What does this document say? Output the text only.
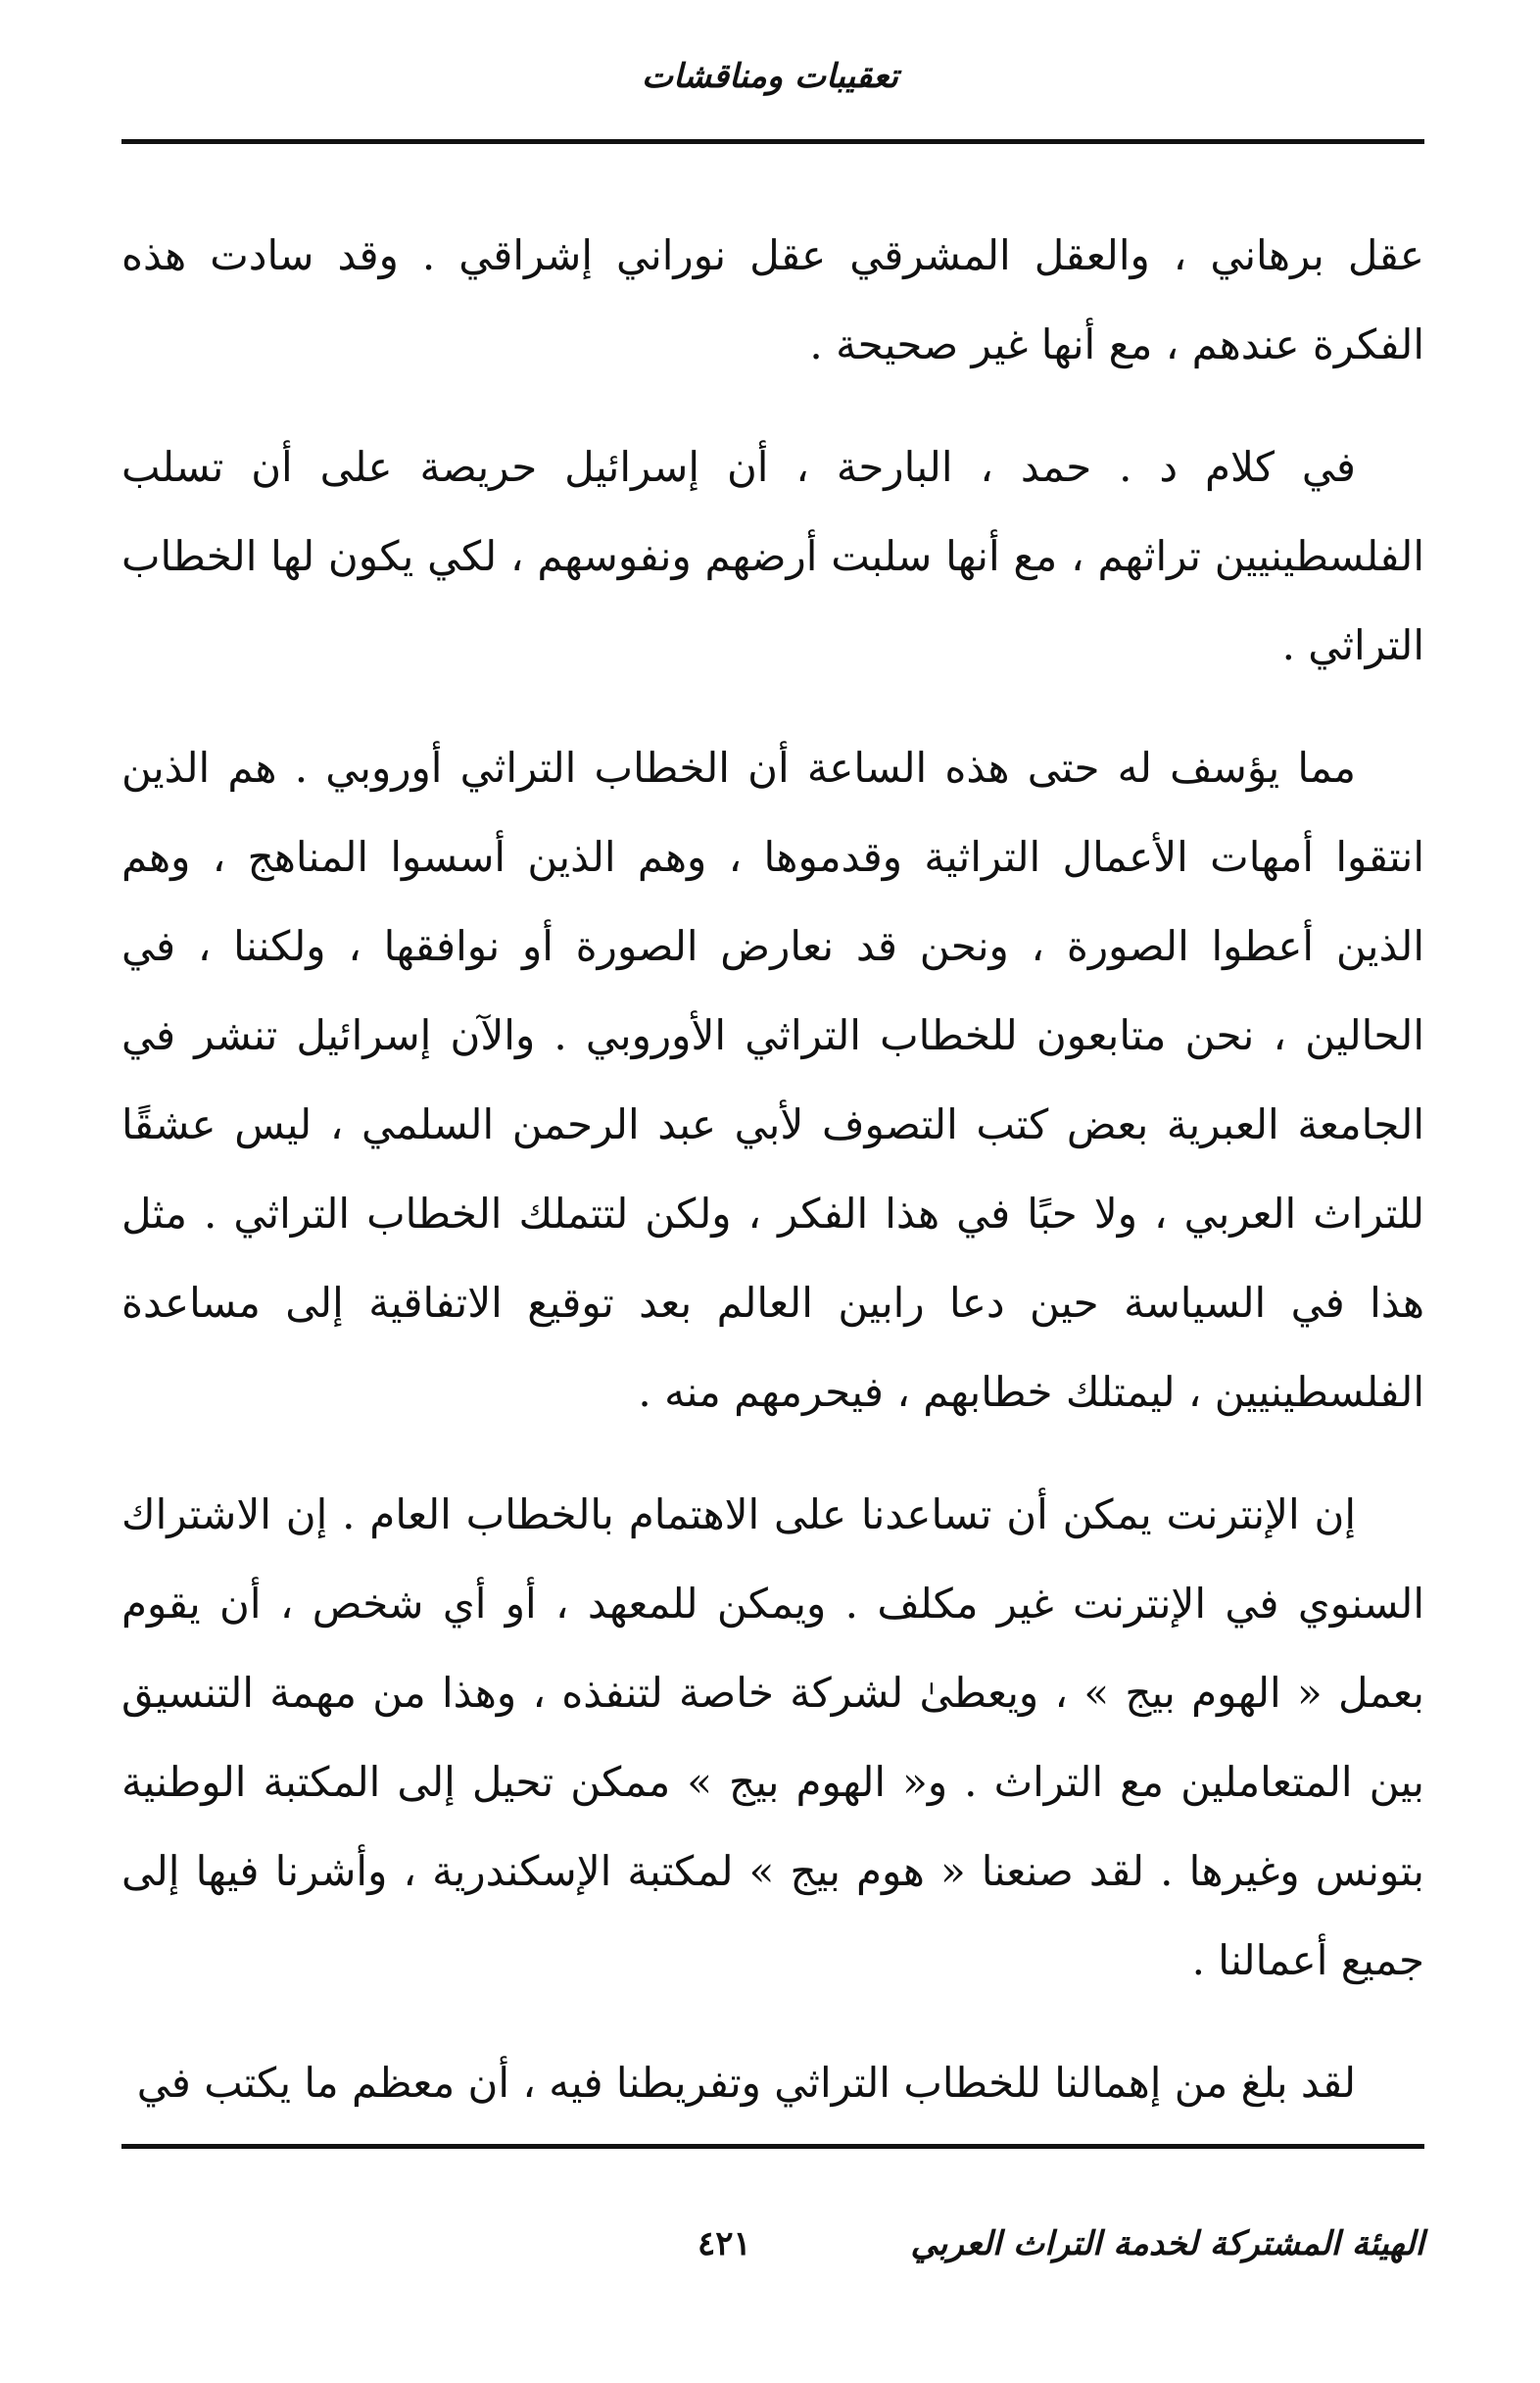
تعقيبات ومناقشات

عقل برهاني ، والعقل المشرقي عقل نوراني إشراقي . وقد سادت هذه الفكرة عندهم ، مع أنها غير صحيحة .

في كلام د . حمد ، البارحة ، أن إسرائيل حريصة على أن تسلب الفلسطينيين تراثهم ، مع أنها سلبت أرضهم ونفوسهم ، لكي يكون لها الخطاب التراثي .

مما يؤسف له حتى هذه الساعة أن الخطاب التراثي أوروبي . هم الذين انتقوا أمهات الأعمال التراثية وقدموها ، وهم الذين أسسوا المناهج ، وهم الذين أعطوا الصورة ، ونحن قد نعارض الصورة أو نوافقها ، ولكننا ، في الحالين ، نحن متابعون للخطاب التراثي الأوروبي . والآن إسرائيل تنشر في الجامعة العبرية بعض كتب التصوف لأبي عبد الرحمن السلمي ، ليس عشقًا للتراث العربي ، ولا حبًا في هذا الفكر ، ولكن لتتملك الخطاب التراثي . مثل هذا في السياسة حين دعا رابين العالم بعد توقيع الاتفاقية إلى مساعدة الفلسطينيين ، ليمتلك خطابهم ، فيحرمهم منه .

إن الإنترنت يمكن أن تساعدنا على الاهتمام بالخطاب العام . إن الاشتراك السنوي في الإنترنت غير مكلف . ويمكن للمعهد ، أو أي شخص ، أن يقوم بعمل « الهوم بيج » ، ويعطىٰ لشركة خاصة لتنفذه ، وهذا من مهمة التنسيق بين المتعاملين مع التراث . و« الهوم بيج » ممكن تحيل إلى المكتبة الوطنية بتونس وغيرها . لقد صنعنا « هوم بيج » لمكتبة الإسكندرية ، وأشرنا فيها إلى جميع أعمالنا .

لقد بلغ من إهمالنا للخطاب التراثي وتفريطنا فيه ، أن معظم ما يكتب في

الهيئة المشتركة لخدمة التراث العربي
٤٢١
